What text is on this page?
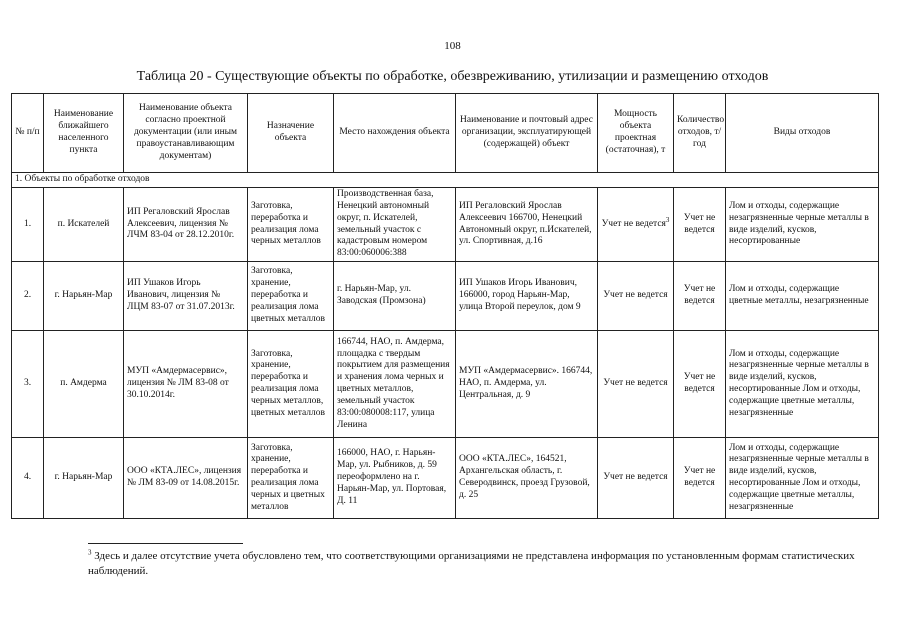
108
Таблица 20 - Существующие объекты по обработке, обезвреживанию, утилизации и размещению отходов
№ п/п	Наименование ближайшего населенного пункта	Наименование объекта согласно проектной документации (или иным правоустанавливающим документам)	Назначение объекта	Место нахождения объекта	Наименование и почтовый адрес организации, эксплуатирующей (содержащей) объект	Мощность объекта проектная (остаточная), т	Количество отходов, т/год	Виды отходов
1. Объекты по обработке отходов								
1.	п. Искателей	ИП Регаловский Ярослав Алексеевич, лицензия № ЛЧМ 83-04 от 28.12.2010г.	Заготовка, переработка и реализация лома черных металлов	Производственная база, Ненецкий автономный округ, п. Искателей, земельный участок с кадастровым номером 83:00:060006:388	ИП Регаловский Ярослав Алексеевич 166700, Ненецкий Автономный округ, п.Искателей, ул. Спортивная, д.16	Учет не ведется$^3$	Учет не ведется	Лом и отходы, содержащие незагрязненные черные металлы в виде изделий, кусков, несортированные
2.	г. Нарьян-Мар	ИП Ушаков Игорь Иванович, лицензия № ЛЦМ 83-07 от 31.07.2013г.	Заготовка, хранение, переработка и реализация лома цветных металлов	г. Нарьян-Мар, ул. Заводская (Промзона)	ИП Ушаков Игорь Иванович, 166000, город Нарьян-Мар, улица Второй переулок, дом 9	Учет не ведется	Учет не ведется	Лом и отходы, содержащие цветные металлы, незагрязненные
3.	п. Амдерма	МУП «Амдермасервис», лицензия № ЛМ 83-08 от 30.10.2014г.	Заготовка, хранение, переработка и реализация лома черных металлов, цветных металлов	166744, НАО, п. Амдерма, площадка с твердым покрытием для размещения и хранения лома черных и цветных металлов, земельный участок 83:00:080008:117, улица Ленина	МУП «Амдермасервис». 166744, НАО, п. Амдерма, ул. Центральная, д. 9	Учет не ведется	Учет не ведется	Лом и отходы, содержащие незагрязненные черные металлы в виде изделий, кусков, несортированные Лом и отходы, содержащие цветные металлы, незагрязненные
4.	г. Нарьян-Мар	ООО «КТА.ЛЕС», лицензия № ЛМ 83-09 от 14.08.2015г.	Заготовка, хранение, переработка и реализация лома черных и цветных металлов	166000, НАО, г. Нарьян-Мар, ул. Рыбников, д. 59 переоформлено на г. Нарьян-Мар, ул. Портовая, Д. 11	ООО «КТА.ЛЕС», 164521, Архангельская область, г. Северодвинск, проезд Грузовой, д. 25	Учет не ведется	Учет не ведется	Лом и отходы, содержащие незагрязненные черные металлы в виде изделий, кусков, несортированные Лом и отходы, содержащие цветные металлы, незагрязненные
$^3$ Здесь и далее отсутствие учета обусловлено тем, что соответствующими организациями не представлена информация по установленным формам статистических наблюдений.
